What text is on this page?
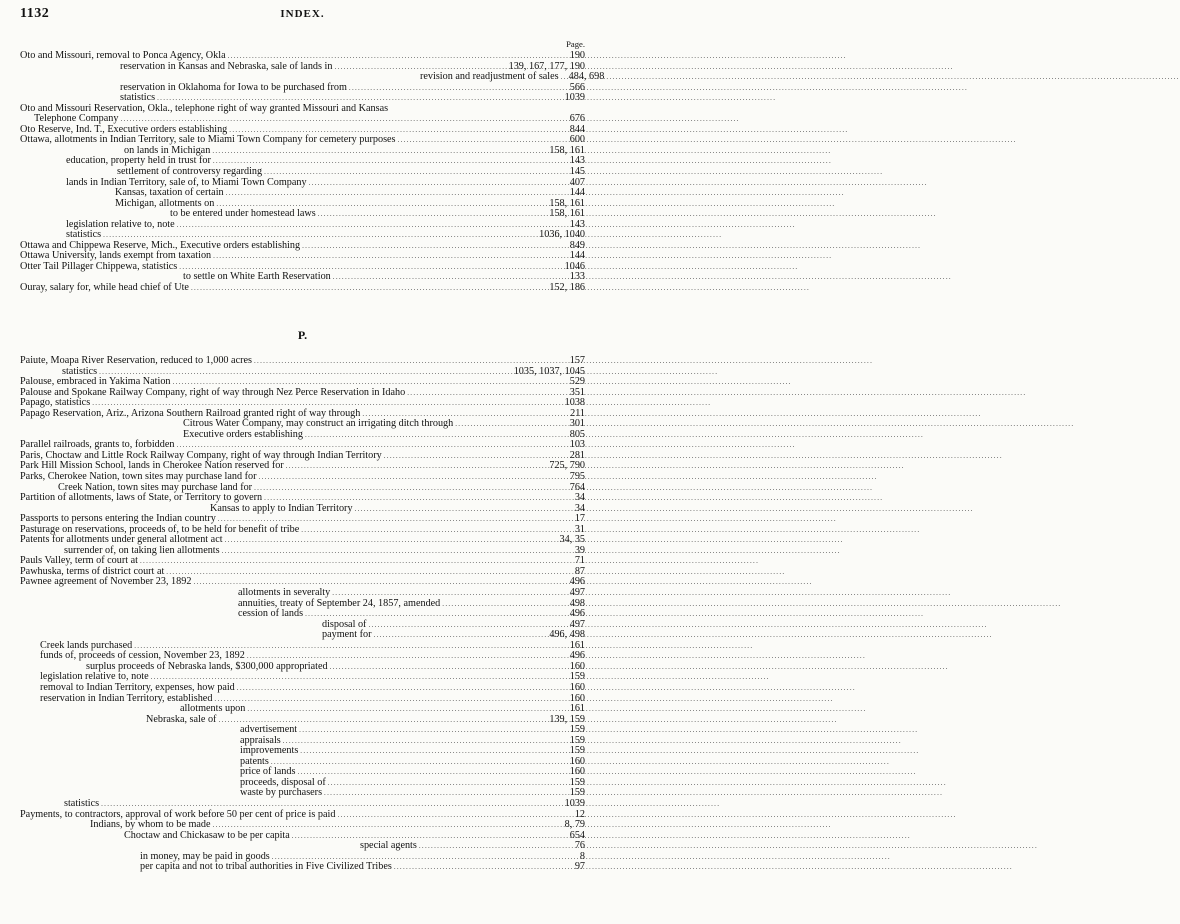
1132	INDEX.
Page.
Oto and Missouri, removal to Ponca Agency, Okla .....	190
reservation in Kansas and Nebraska, sale of lands in .....	139, 167, 177, 190
revision and readjustment of sales ..... 484, 698
reservation in Oklahoma for Iowa to be purchased from .....	566
statistics .....	1039
Oto and Missouri Reservation, Okla., telephone right of way granted Missouri and Kansas
Telephone Company .....	676
Oto Reserve, Ind. T., Executive orders establishing .....	844
Ottawa, allotments in Indian Territory, sale to Miami Town Company for cemetery purposes .....	600
on lands in Michigan .....	158, 161
education, property held in trust for .....	143
settlement of controversy regarding .....	145
lands in Indian Territory, sale of, to Miami Town Company .....	407
Kansas, taxation of certain .....	144
Michigan, allotments on .....	158, 161
to be entered under homestead laws .....	158, 161
legislation relative to, note .....	143
statistics .....	1036, 1040
Ottawa and Chippewa Reserve, Mich., Executive orders establishing .....	849
Ottawa University, lands exempt from taxation .....	144
Otter Tail Pillager Chippewa, statistics .....	1046
to settle on White Earth Reservation .....	133
Ouray, salary for, while head chief of Ute .....	152, 186
P.
Paiute, Moapa River Reservation, reduced to 1,000 acres .....	157
statistics .....	1035, 1037, 1045
Palouse, embraced in Yakima Nation .....	529
Palouse and Spokane Railway Company, right of way through Nez Perce Reservation in Idaho .....	351
Papago, statistics .....	1038
Papago Reservation, Ariz., Arizona Southern Railroad granted right of way through .....	211
Citrous Water Company, may construct an irrigating ditch through .....	301
Executive orders establishing .....	805
Parallel railroads, grants to, forbidden .....	103
Paris, Choctaw and Little Rock Railway Company, right of way through Indian Territory .....	281
Park Hill Mission School, lands in Cherokee Nation reserved for .....	725, 790
Parks, Cherokee Nation, town sites may purchase land for .....	795
Creek Nation, town sites may purchase land for .....	764
Partition of allotments, laws of State, or Territory to govern .....	34
Kansas to apply to Indian Territory .....	34
Passports to persons entering the Indian country .....	17
Pasturage on reservations, proceeds of, to be held for benefit of tribe .....	31
Patents for allotments under general allotment act .....	34, 35
surrender of, on taking lien allotments .....	39
Pauls Valley, term of court at .....	71
Pawhuska, terms of district court at .....	87
Pawnee agreement of November 23, 1892 .....	496
allotments in severalty .....	497
annuities, treaty of September 24, 1857, amended .....	498
cession of lands .....	496
disposal of .....	497
payment for .....	496, 498
Creek lands purchased .....	161
funds of, proceeds of cession, November 23, 1892 .....	496
surplus proceeds of Nebraska lands, $300,000 appropriated .....	160
legislation relative to, note .....	159
removal to Indian Territory, expenses, how paid .....	160
reservation in Indian Territory, established .....	160
allotments upon .....	161
Nebraska, sale of .....	139, 159
advertisement .....	159
appraisals .....	159
improvements .....	159
patents .....	160
price of lands .....	160
proceeds, disposal of .....	159
waste by purchasers .....	159
statistics .....	1039
Payments, to contractors, approval of work before 50 per cent of price is paid .....	12
Indians, by whom to be made .....	8, 79
Choctaw and Chickasaw to be per capita .....	654
special agents .....	76
in money, may be paid in goods .....	8
per capita and not to tribal authorities in Five Civilized Tribes .....	97
